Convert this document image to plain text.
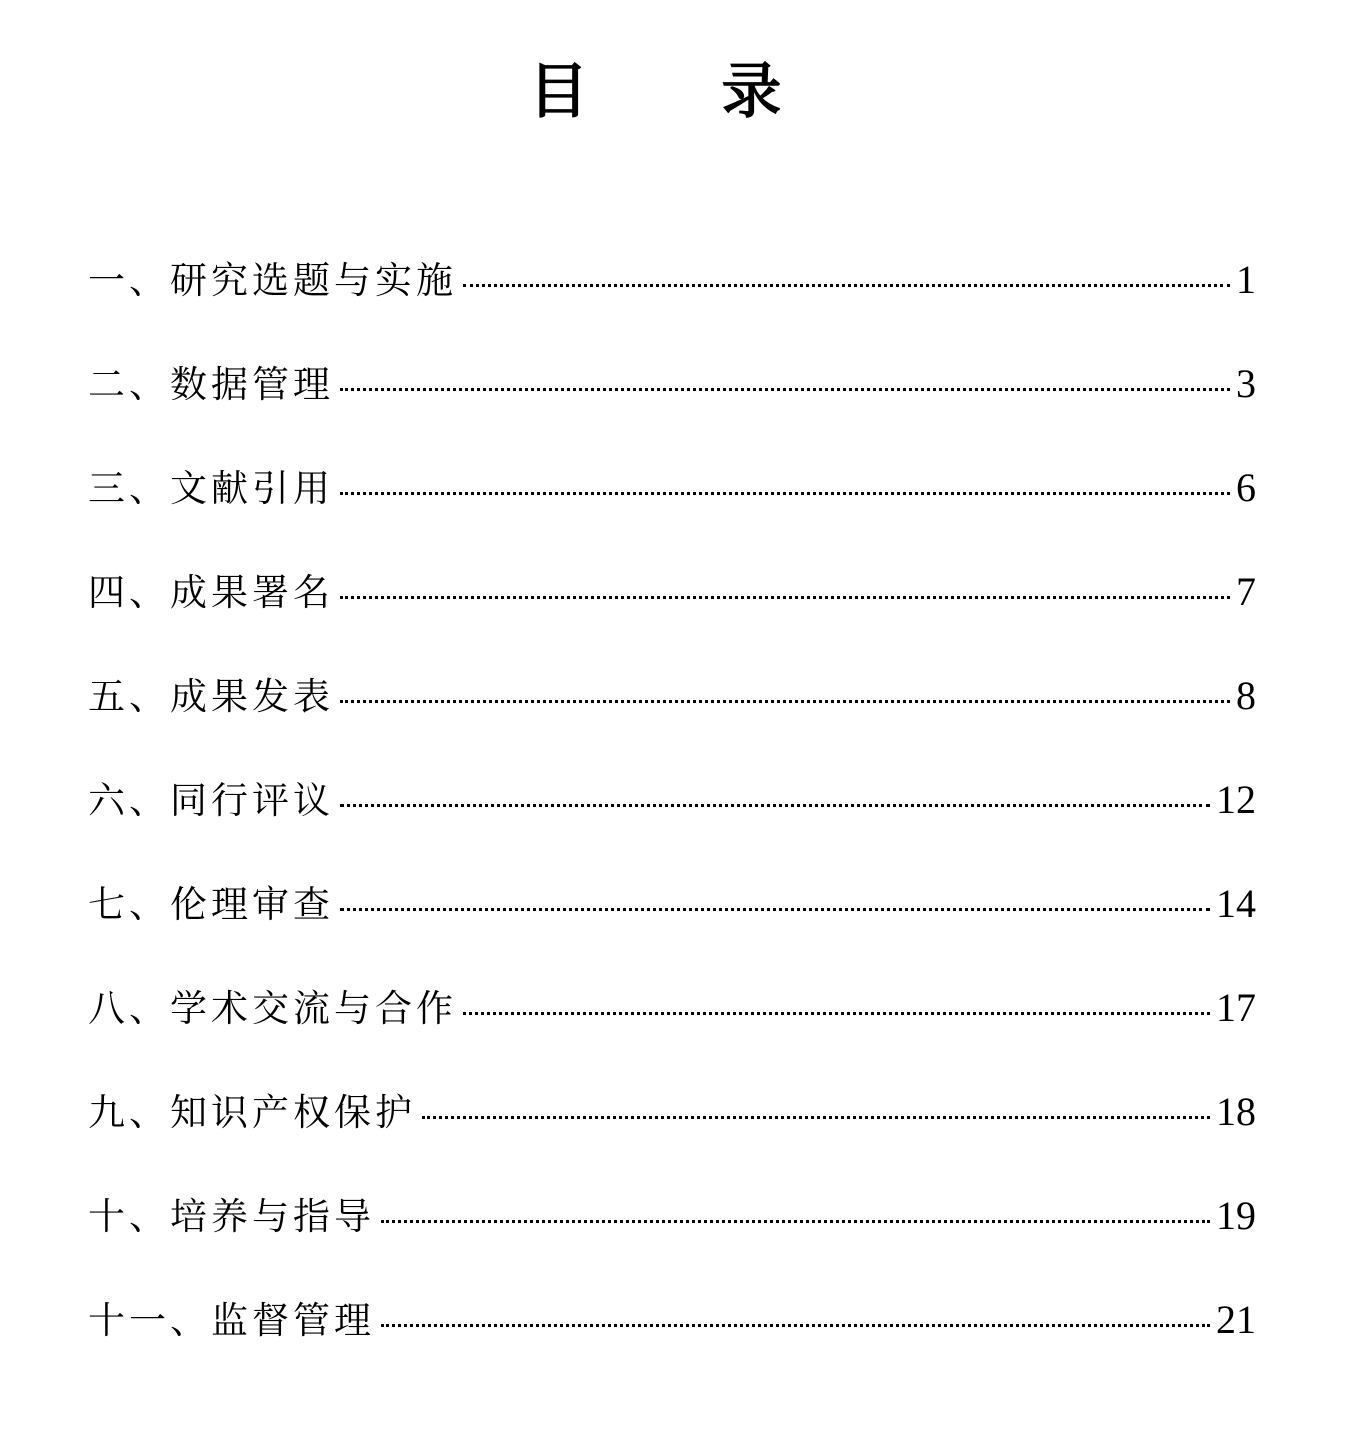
目 录
一、研究选题与实施	1
二、数据管理	3
三、文献引用	6
四、成果署名	7
五、成果发表	8
六、同行评议	12
七、伦理审查	14
八、学术交流与合作	17
九、知识产权保护	18
十、培养与指导	19
十一、监督管理	21
